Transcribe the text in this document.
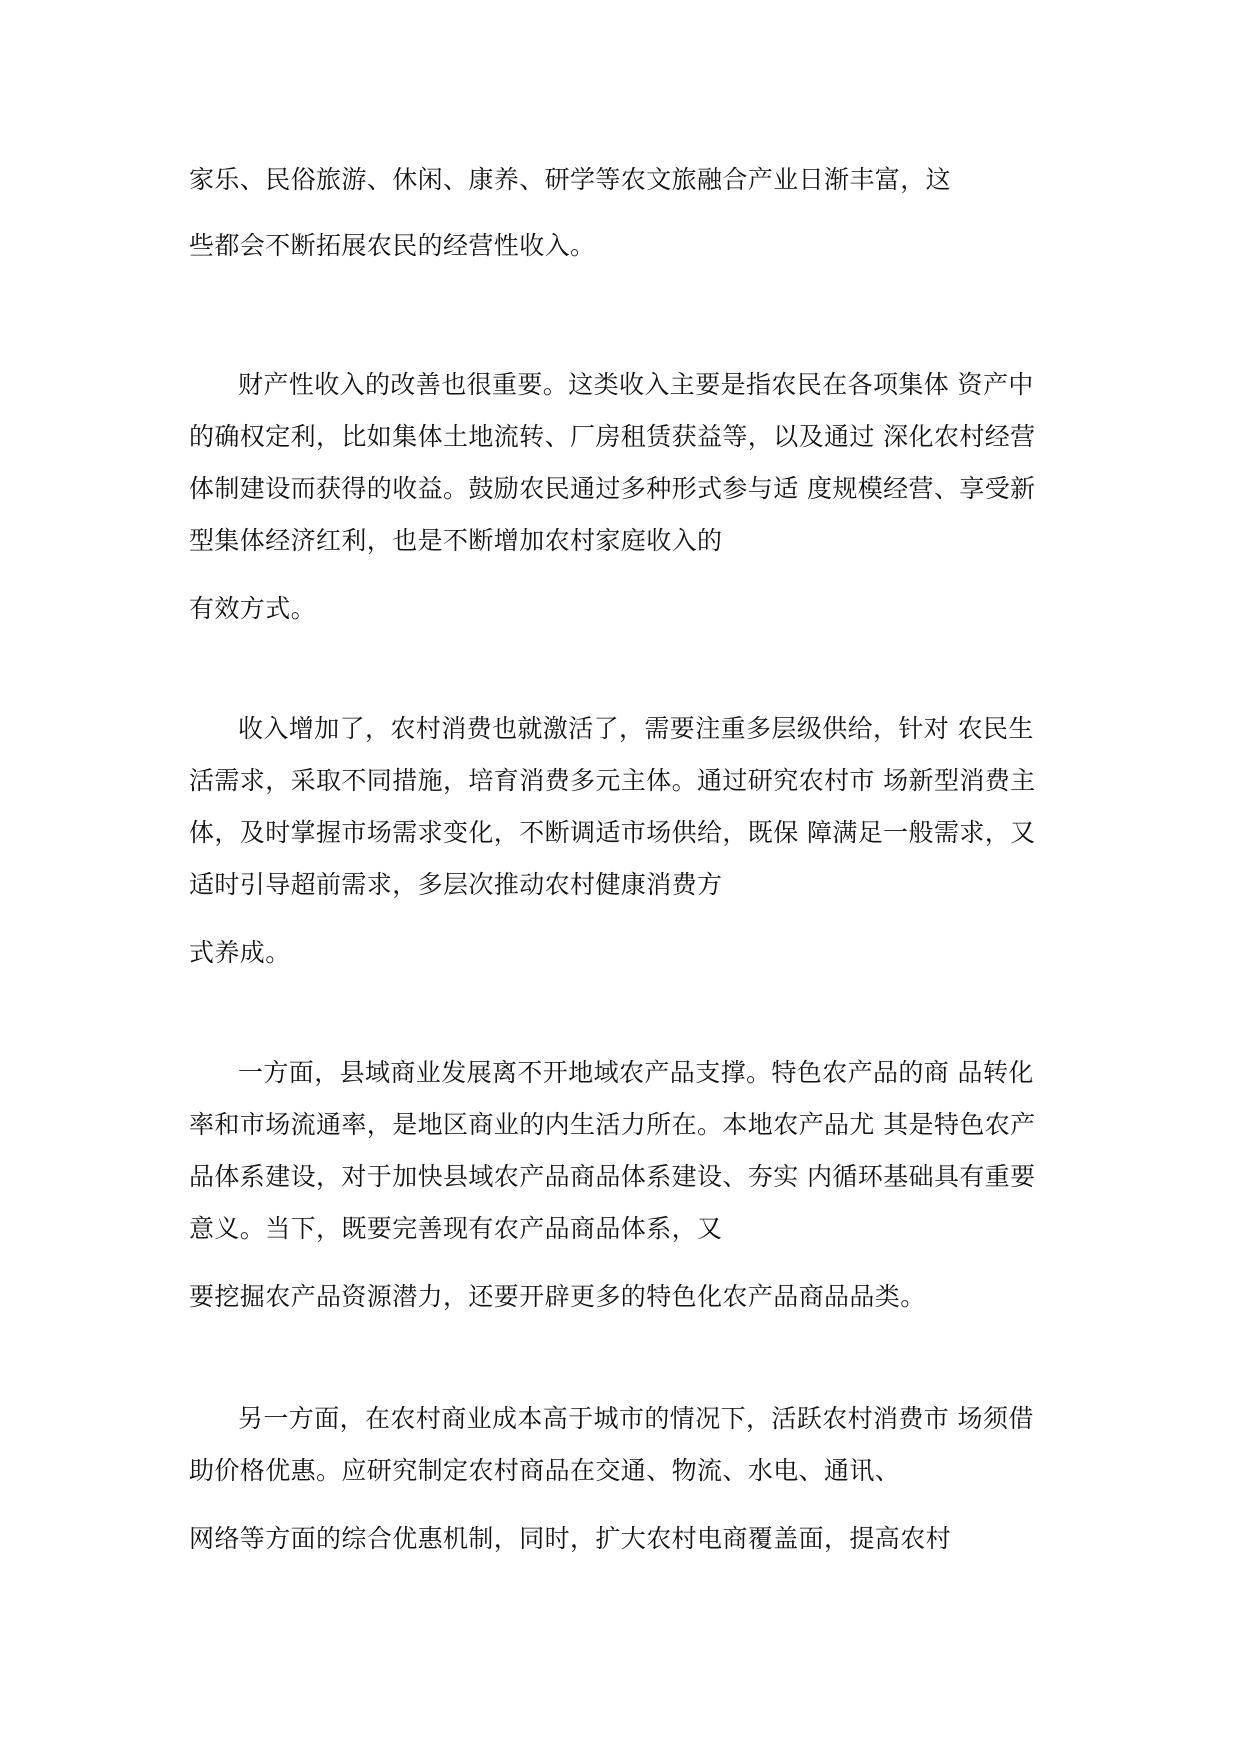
家乐、民俗旅游、休闲、康养、研学等农文旅融合产业日渐丰富，这

些都会不断拓展农民的经营性收入。

财产性收入的改善也很重要。这类收入主要是指农民在各项集体 资产中

的确权定利，比如集体土地流转、厂房租赁获益等，以及通过 深化农村经营

体制建设而获得的收益。鼓励农民通过多种形式参与适 度规模经营、享受新

型集体经济红利，也是不断增加农村家庭收入的

有效方式。

收入增加了，农村消费也就激活了，需要注重多层级供给，针对 农民生

活需求，采取不同措施，培育消费多元主体。通过研究农村市 场新型消费主

体，及时掌握市场需求变化，不断调适市场供给，既保 障满足一般需求，又

适时引导超前需求，多层次推动农村健康消费方

式养成。

一方面，县域商业发展离不开地域农产品支撑。特色农产品的商 品转化

率和市场流通率，是地区商业的内生活力所在。本地农产品尤 其是特色农产

品体系建设，对于加快县域农产品商品体系建设、夯实 内循环基础具有重要

意义。当下，既要完善现有农产品商品体系，又

要挖掘农产品资源潜力，还要开辟更多的特色化农产品商品品类。

另一方面，在农村商业成本高于城市的情况下，活跃农村消费市 场须借

助价格优惠。应研究制定农村商品在交通、物流、水电、通讯、

网络等方面的综合优惠机制，同时，扩大农村电商覆盖面，提高农村
